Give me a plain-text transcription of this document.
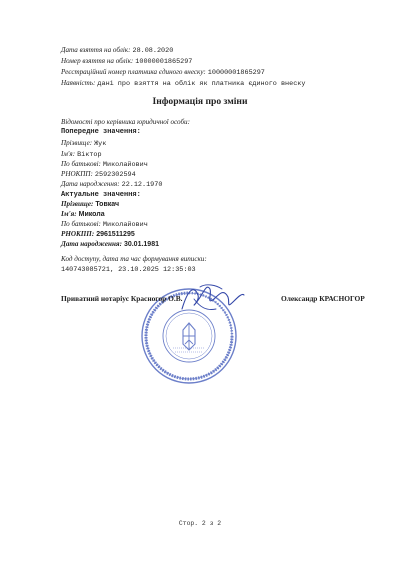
Дата взяття на облік: 28.08.2020
Номер взяття на облік: 10000001865297
Реєстраційний номер платника єдиного внеску: 10000001865297
Наявність: дані про взяття на облік як платника єдиного внеску
Інформація про зміни
Відомості про керівника юридичної особи:
Попередне значення:
Прізвище: Жук
Ім'я: Віктор
По батькові: Миколайович
РНОКПП: 2592302594
Дата народження: 22.12.1970
Актуальне значення:
Прізвище: Товкач
Ім'я: Микола
По батькові: Миколайович
РНОКПП: 2961511295
Дата народження: 30.01.1981
Код доступу, дата та час формування виписки:
140743085721, 23.10.2025 12:35:03
Приватний нотаріус Красногор О.В.	Олександр КРАСНОГОР
Стор. 2 з 2
